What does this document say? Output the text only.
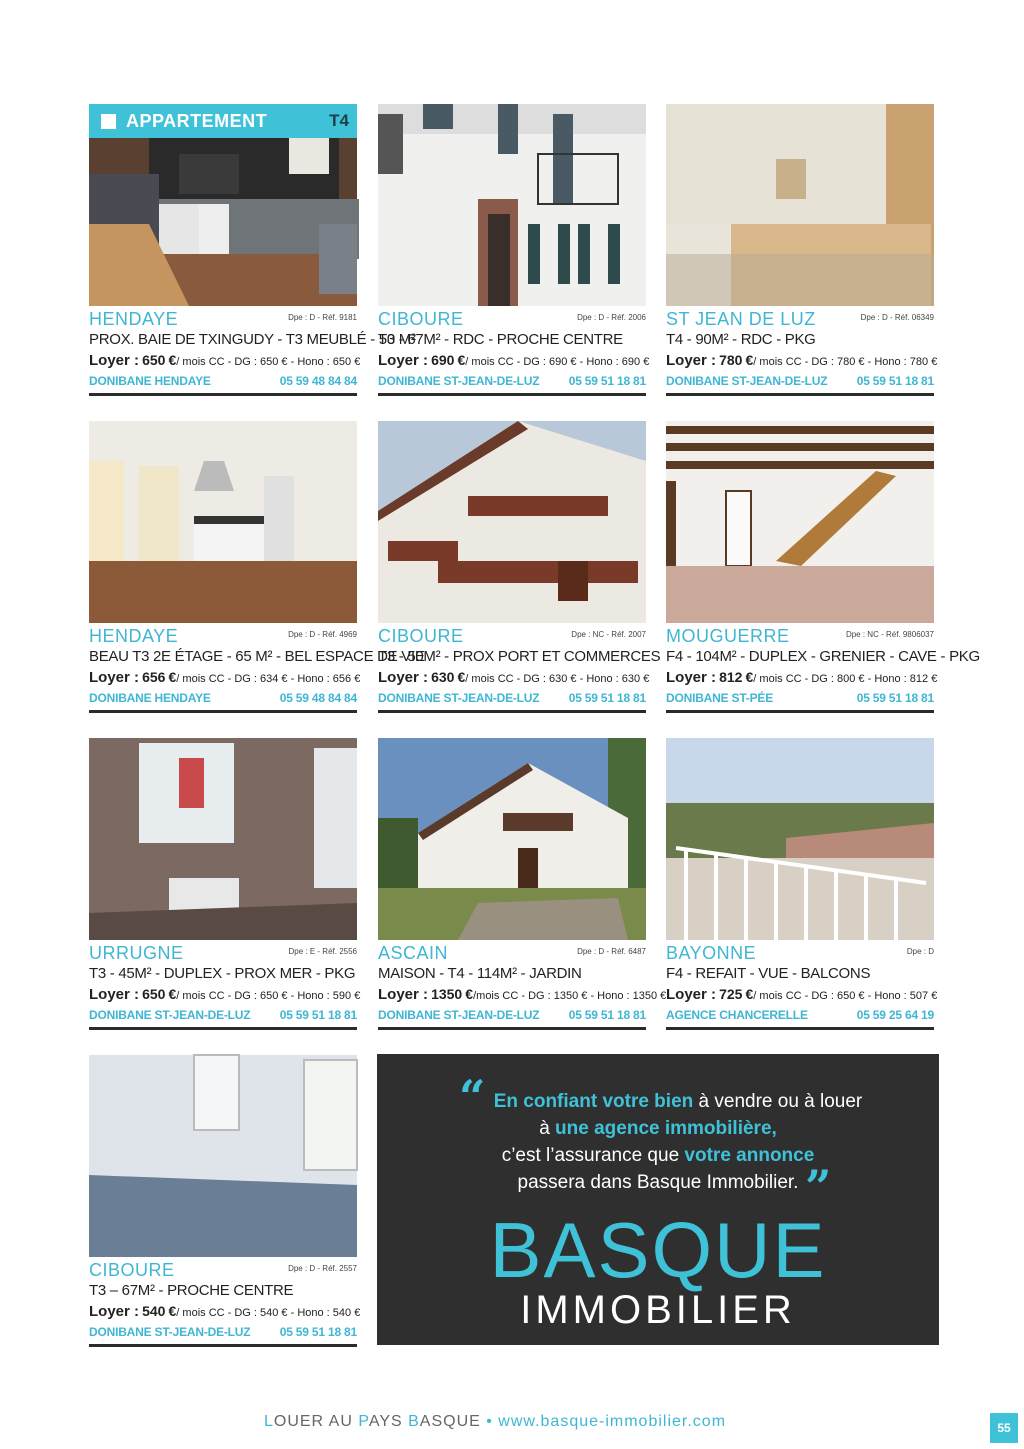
APPARTEMENT	T4
HENDAYE	Dpe : D - Réf. 9181
PROX. BAIE DE TXINGUDY - T3 MEUBLÉ - 50 M²
Loyer : 650 €/ mois CC - DG : 650 € - Hono : 650 €
DONIBANE HENDAYE	05 59 48 84 84
CIBOURE	Dpe : D - Réf. 2006
T3 - 67M² - RDC - PROCHE CENTRE
Loyer : 690 €/ mois CC - DG : 690 € - Hono : 690 €
DONIBANE ST-JEAN-DE-LUZ 05 59 51 18 81
ST JEAN DE LUZ	Dpe : D - Réf. 06349
T4 - 90M² - RDC - PKG
Loyer : 780 €/ mois CC - DG : 780 € - Hono : 780 €
DONIBANE ST-JEAN-DE-LUZ 05 59 51 18 81
HENDAYE	Dpe : D - Réf. 4969
BEAU T3 2E ÉTAGE - 65 M² - BEL ESPACE DE VIE
Loyer : 656 €/ mois CC - DG : 634 € - Hono : 656 €
DONIBANE HENDAYE	05 59 48 84 84
CIBOURE	Dpe : NC - Réf. 2007
T3 - 50M² - PROX PORT ET COMMERCES
Loyer : 630 €/ mois CC - DG : 630 € - Hono : 630 €
DONIBANE ST-JEAN-DE-LUZ 05 59 51 18 81
MOUGUERRE	Dpe : NC - Réf. 9806037
F4 - 104M² - DUPLEX - GRENIER - CAVE - PKG
Loyer : 812 €/ mois CC - DG : 800 € - Hono : 812 €
DONIBANE ST-PÉE	05 59 51 18 81
URRUGNE	Dpe : E - Réf. 2556
T3 - 45M² - DUPLEX - PROX MER - PKG
Loyer : 650 €/ mois CC - DG : 650 € - Hono : 590 €
DONIBANE ST-JEAN-DE-LUZ 05 59 51 18 81
ASCAIN	Dpe : D - Réf. 6487
MAISON - T4 - 114M² - JARDIN
Loyer : 1350 €/mois CC - DG : 1350 € - Hono : 1350 €
DONIBANE ST-JEAN-DE-LUZ 05 59 51 18 81
BAYONNE	Dpe : D
F4 - REFAIT - VUE - BALCONS
Loyer : 725 €/ mois CC - DG : 650 € - Hono : 507 €
AGENCE CHANCERELLE	05 59 25 64 19
CIBOURE	Dpe : D - Réf. 2557
T3 – 67M² - PROCHE CENTRE
Loyer : 540 €/ mois CC - DG : 540 € - Hono : 540 €
DONIBANE ST-JEAN-DE-LUZ 05 59 51 18 81
“ En confiant votre bien à vendre ou à louer
à une agence immobilière,
c’est l’assurance que votre annonce
passera dans Basque Immobilier. ”
BASQUE
IMMOBILIER
LOUER AU PAYS BASQUE • www.basque-immobilier.com	55
